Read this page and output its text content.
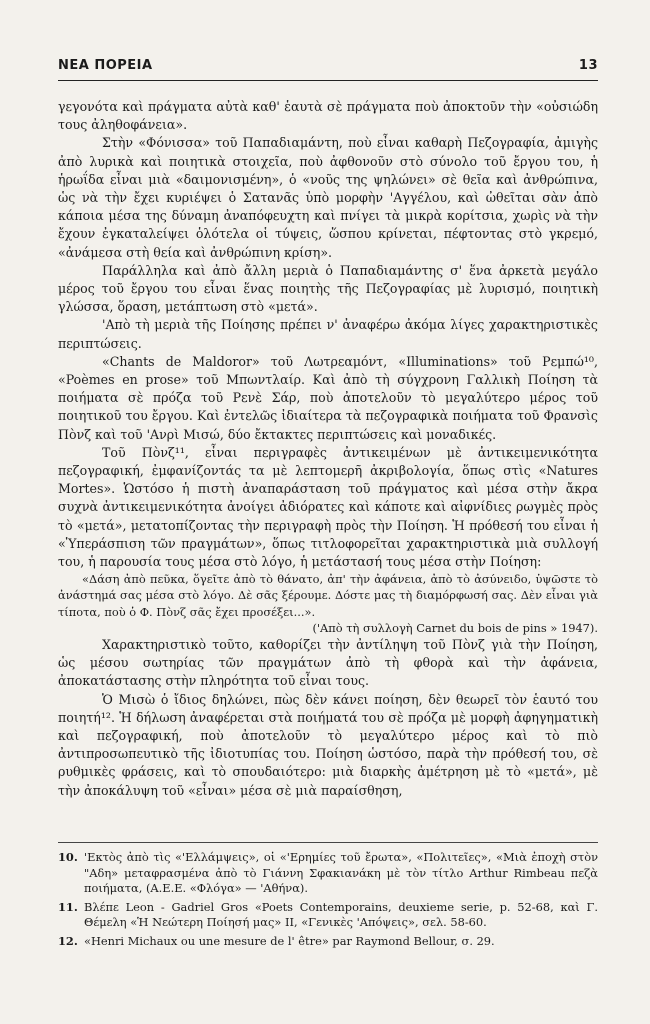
ΝΕΑ ΠΟΡΕΙΑ	13

γεγονότα καὶ πράγματα αὐτὰ καθ' ἑαυτὰ σὲ πράγματα ποὺ ἀποκτοῦν τὴν «οὐσιώδη τους ἀληθοφάνεια».

Στὴν «Φόνισσα» τοῦ Παπαδιαμάντη, ποὺ εἶναι καθαρὴ Πεζογραφία, ἀμιγὴς ἀπὸ λυρικὰ καὶ ποιητικὰ στοιχεῖα, ποὺ ἀφθονοῦν στὸ σύνολο τοῦ ἔργου του, ἡ ἡρωΐδα εἶναι μιὰ «δαιμονισμένη», ὁ «νοῦς της ψηλώνει» σὲ θεῖα καὶ ἀνθρώπινα, ὡς νὰ τὴν ἔχει κυριέψει ὁ Σατανᾶς ὑπὸ μορφὴν 'Αγγέλου, καὶ ὠθεῖται σὰν ἀπὸ κάποια μέσα της δύναμη ἀναπόφευχτη καὶ πνίγει τὰ μικρὰ κορίτσια, χωρὶς νὰ τὴν ἔχουν ἐγκαταλείψει ὁλότελα οἱ τύψεις, ὥσπου κρίνεται, πέφτοντας στὸ γκρεμό, «ἀνάμεσα στὴ θεία καὶ ἀνθρώπινη κρίση».

Παράλληλα καὶ ἀπὸ ἄλλη μεριὰ ὁ Παπαδιαμάντης σ' ἕνα ἀρκετὰ μεγάλο μέρος τοῦ ἔργου του εἶναι ἕνας ποιητὴς τῆς Πεζογραφίας μὲ λυρισμό, ποιητικὴ γλώσσα, ὅραση, μετάπτωση στὸ «μετά».

'Απὸ τὴ μεριὰ τῆς Ποίησης πρέπει ν' ἀναφέρω ἀκόμα λίγες χαρακτηριστικὲς περιπτώσεις.

«Chants de Maldoror» τοῦ Λωτρεαμόντ, «Illuminations» τοῦ Ρεμπώ¹⁰, «Poèmes en prose» τοῦ Μπωντλαίρ. Καὶ ἀπὸ τὴ σύγχρονη Γαλλικὴ Ποίηση τὰ ποιήματα σὲ πρόζα τοῦ Ρενὲ Σάρ, ποὺ ἀποτελοῦν τὸ μεγαλύτερο μέρος τοῦ ποιητικοῦ του ἔργου. Καὶ ἐντελῶς ἰδιαίτερα τὰ πεζογραφικὰ ποιήματα τοῦ Φρανσὶς Πὸνζ καὶ τοῦ 'Ανρὶ Μισώ, δύο ἔκτακτες περιπτώσεις καὶ μοναδικές.

Τοῦ Πὸνζ¹¹, εἶναι περιγραφὲς ἀντικειμένων μὲ ἀντικειμενικότητα πεζογραφική, ἐμφανίζοντάς τα μὲ λεπτομερῆ ἀκριβολογία, ὅπως στὶς «Natures Mortes». Ὡστόσο ἡ πιστὴ ἀναπαράσταση τοῦ πράγματος καὶ μέσα στὴν ἄκρα συχνὰ ἀντικειμενικότητα ἀνοίγει ἀδιόρατες καὶ κάποτε καὶ αἰφνίδιες ρωγμὲς πρὸς τὸ «μετά», μετατοπίζοντας τὴν περιγραφὴ πρὸς τὴν Ποίηση. Ἡ πρόθεσή του εἶναι ἡ «Ὑπεράσπιση τῶν πραγμάτων», ὅπως τιτλοφορεῖται χαρακτηριστικὰ μιὰ συλλογή του, ἡ παρουσία τους μέσα στὸ λόγο, ἡ μετάστασή τους μέσα στὴν Ποίηση:

«Δάση ἀπὸ πεῦκα, ὅγεῖτε ἀπὸ τὸ θάνατο, ἀπ' τὴν ἀφάνεια, ἀπὸ τὸ ἀσύνειδο, ὑψῶστε τὸ ἀνάστημά σας μέσα στὸ λόγο. Δὲ σᾶς ξέρουμε. Δόστε μας τὴ διαμόρφωσή σας. Δὲν εἶναι γιὰ τίποτα, ποὺ ὁ Φ. Πὸνζ σᾶς ἔχει προσέξει...».

('Απὸ τὴ συλλογὴ Carnet du bois de pins » 1947).

Χαρακτηριστικὸ τοῦτο, καθορίζει τὴν ἀντίληψη τοῦ Πὸνζ γιὰ τὴν Ποίηση, ὡς μέσου σωτηρίας τῶν πραγμάτων ἀπὸ τὴ φθορὰ καὶ τὴν ἀφάνεια, ἀποκατάστασης στὴν πληρότητα τοῦ εἶναι τους.

Ὁ Μισὼ ὁ ἴδιος δηλώνει, πὼς δὲν κάνει ποίηση, δὲν θεωρεῖ τὸν ἑαυτό του ποιητή¹². Ἡ δήλωση ἀναφέρεται στὰ ποιήματά του σὲ πρόζα μὲ μορφὴ ἀφηγηματικὴ καὶ πεζογραφική, ποὺ ἀποτελοῦν τὸ μεγαλύτερο μέρος καὶ τὸ πιὸ ἀντιπροσωπευτικὸ τῆς ἰδιοτυπίας του. Ποίηση ὡστόσο, παρὰ τὴν πρόθεσή του, σὲ ρυθμικὲς φράσεις, καὶ τὸ σπουδαιότερο: μιὰ διαρκὴς ἀμέτρηση μὲ τὸ «μετά», μὲ τὴν ἀποκάλυψη τοῦ «εἶναι» μέσα σὲ μιὰ παραίσθηση,

10. 'Εκτὸς ἀπὸ τὶς «'Ελλάμψεις», οἱ «'Ερημίες τοῦ ἔρωτα», «Πολιτεῖες», «Μιὰ ἐποχὴ στὸν "Αδη» μεταφρασμένα ἀπὸ τὸ Γιάννη Σφακιανάκη μὲ τὸν τίτλο Arthur Rimbeau πεζὰ ποιήματα, (Α.Ε.Ε. «Φλόγα» — 'Αθήνα).
11. Βλέπε Leon - Gadriel Gros «Poets Contemporains, deuxieme serie, p. 52-68, καὶ Γ. Θέμελη «Ἡ Νεώτερη Ποίησή μας» ΙΙ, «Γενικὲς 'Απόψεις», σελ. 58-60.
12. «Henri Michaux ou une mesure de l' être» par Raymond Bellour, σ. 29.
